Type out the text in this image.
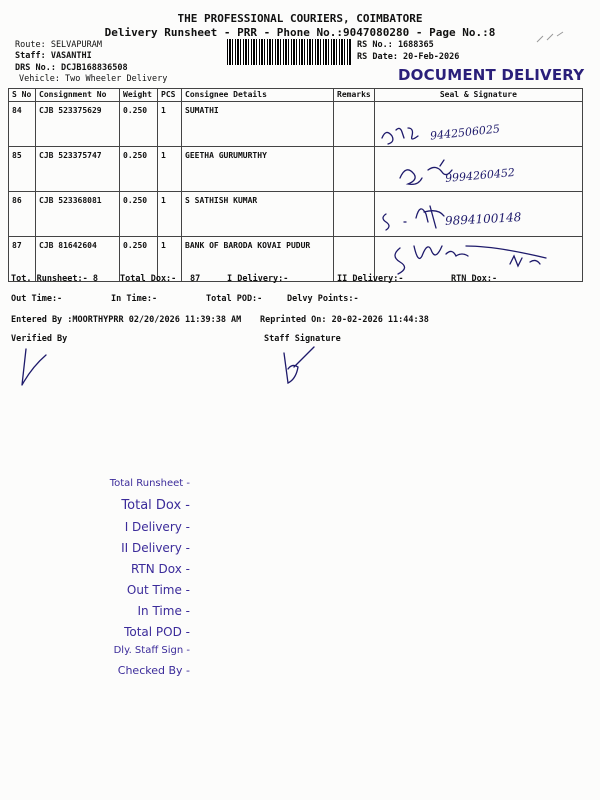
THE PROFESSIONAL COURIERS, COIMBATORE
Delivery Runsheet - PRR - Phone No.:9047080280 - Page No.:8
Route: SELVAPURAM
Staff: VASANTHI
DRS No.: DCJB168836508
Vehicle: Two Wheeler Delivery
RS No.: 1688365
RS Date: 20-Feb-2026
DOCUMENT DELIVERY
S No	Consignment No	Weight	PCS	Consignee Details	Remarks	Seal & Signature
84	CJB 523375629	0.250	1	SUMATHI		9442506025

85	CJB 523375747	0.250	1	GEETHA GURUMURTHY		9994260452

86	CJB 523368081	0.250	1	S SATHISH KUMAR		9894100148

87	CJB 81642604	0.250	1	BANK OF BARODA KOVAI PUDUR		
Tot. Runsheet:- 8	Total Dox:- 87	I Delivery:-	II Delivery:-	RTN Dox:-
Out Time:-	In Time:-	Total POD:-	Delvy Points:-
Entered By :MOORTHYPRR 02/20/2026 11:39:38 AM Reprinted On: 20-02-2026 11:44:38
Verified By	Staff Signature
Total Runsheet -
Total Dox -
I Delivery -
II Delivery -
RTN Dox -
Out Time -
In Time -
Total POD -
Dly. Staff Sign -
Checked By -
